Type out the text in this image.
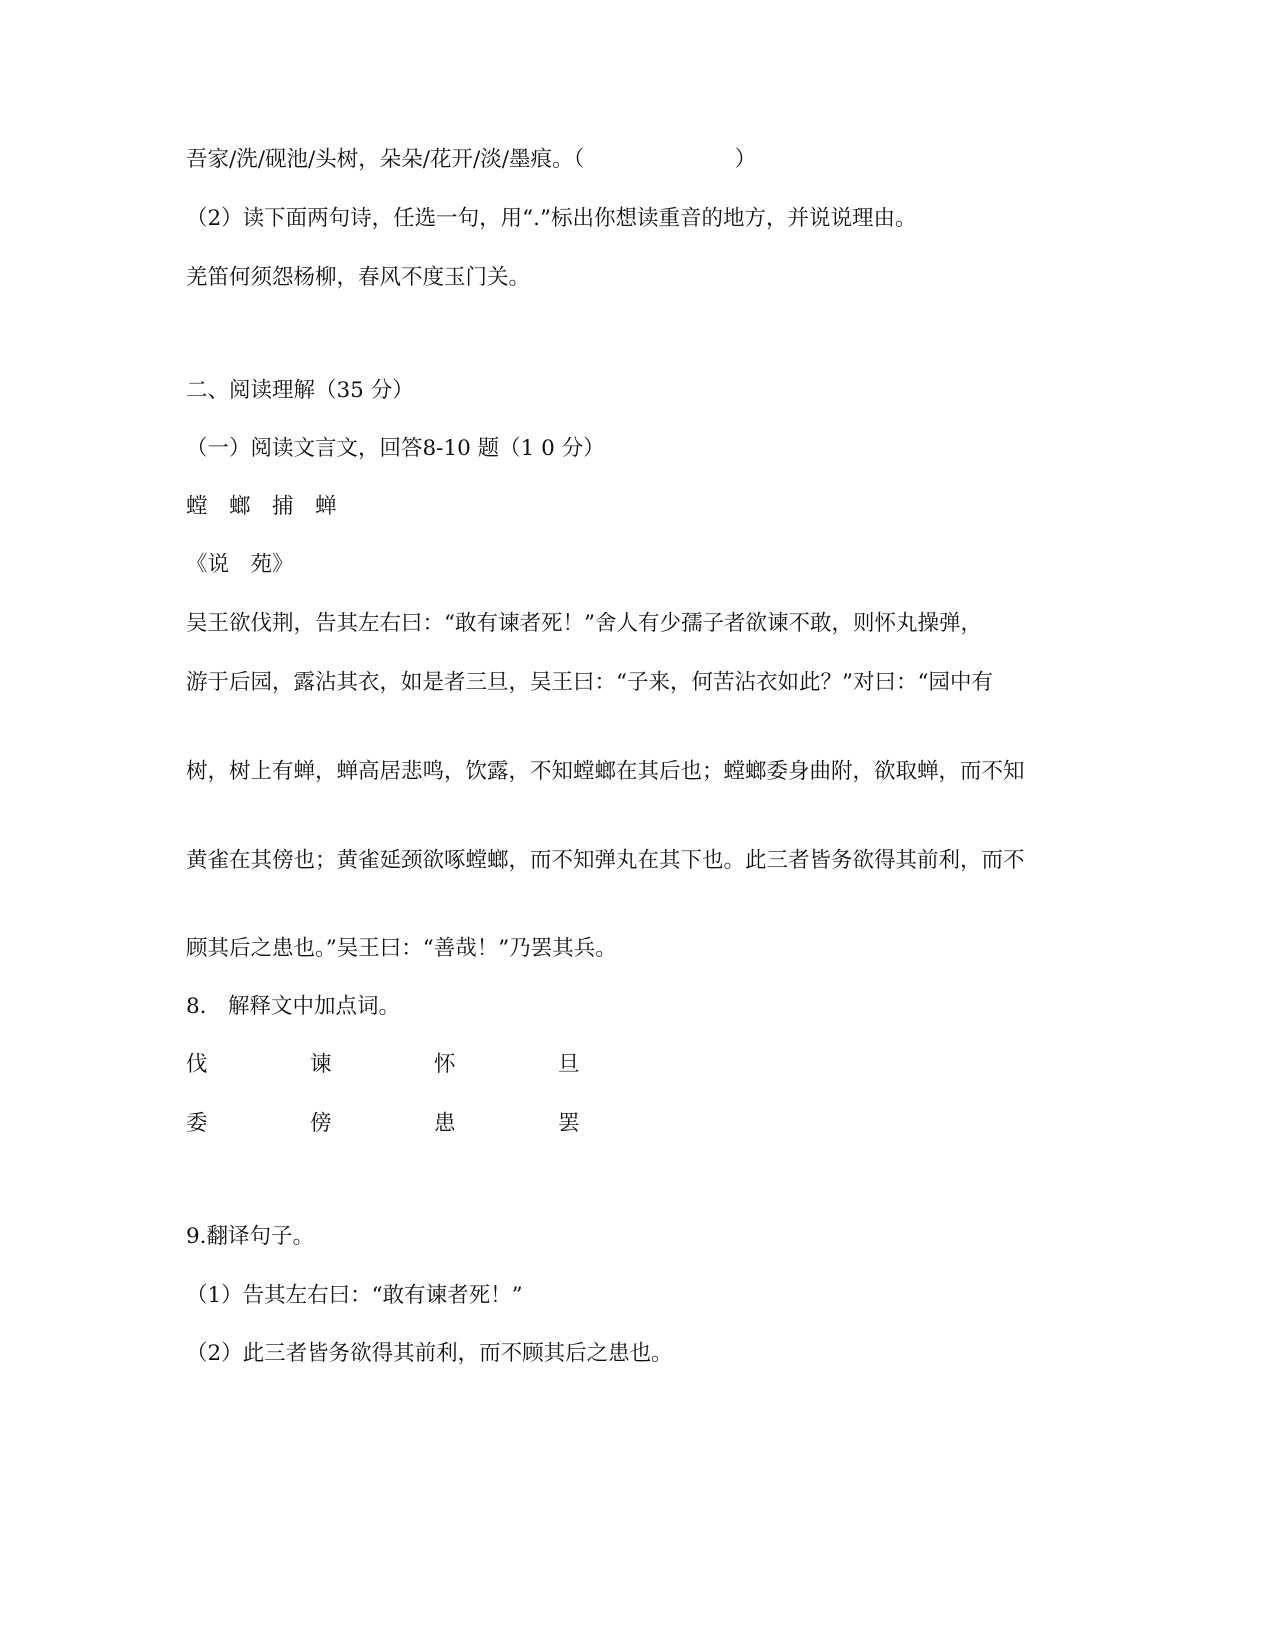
吾家/洗/砚池/头树，朵朵/花开/淡/墨痕。（　　　　　　　）
（2）读下面两句诗，任选一句，用“.”标出你想读重音的地方，并说说理由。
羌笛何须怨杨柳，春风不度玉门关。
二、阅读理解（35 分）
（一）阅读文言文，回答8-10 题（1 0 分）
螳　螂　捕　蝉
《说　苑》
吴王欲伐荆，告其左右曰：“敢有谏者死！”舍人有少孺子者欲谏不敢，则怀丸操弹，
游于后园，露沾其衣，如是者三旦，吴王曰：“子来，何苦沾衣如此？”对曰：“园中有
树，树上有蝉，蝉高居悲鸣，饮露，不知螳螂在其后也；螳螂委身曲附，欲取蝉，而不知
黄雀在其傍也；黄雀延颈欲啄螳螂，而不知弹丸在其下也。此三者皆务欲得其前利，而不
顾其后之患也。”吴王曰：“善哉！”乃罢其兵。
8.　解释文中加点词。
伐	谏	怀	旦
委	傍	患	罢
9.翻译句子。
（1）告其左右曰：“敢有谏者死！”
（2）此三者皆务欲得其前利，而不顾其后之患也。
